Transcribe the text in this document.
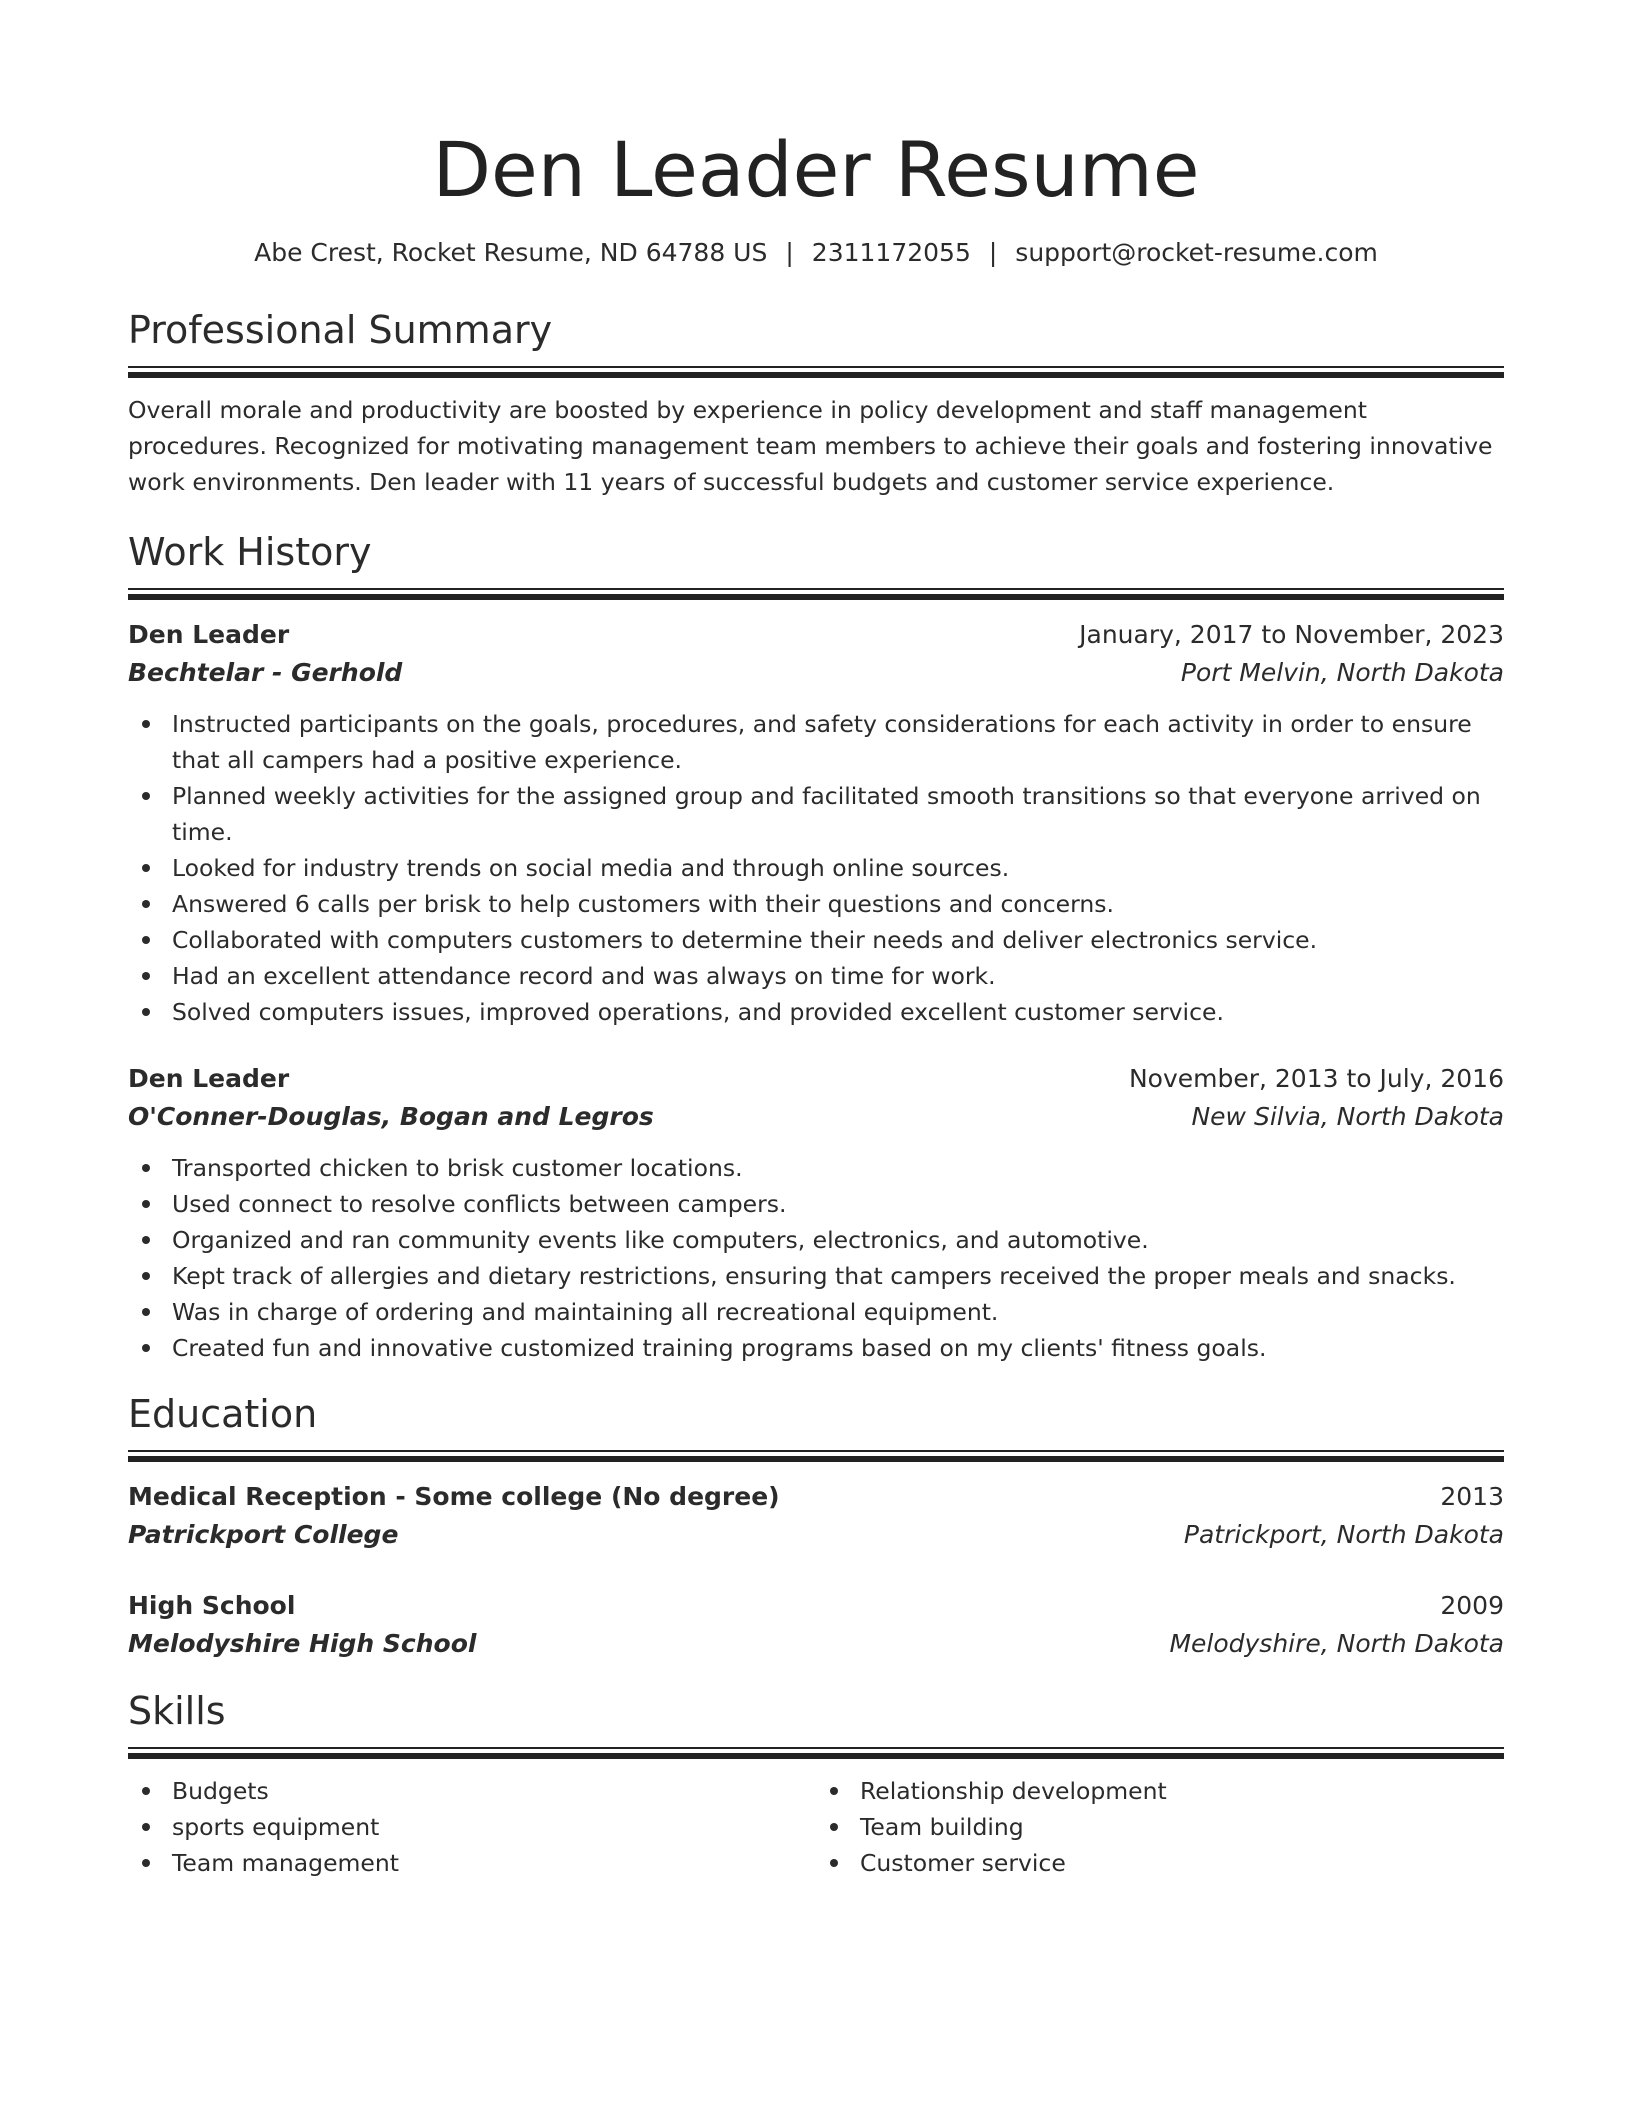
Den Leader Resume
Abe Crest, Rocket Resume, ND 64788 US | 2311172055 | support@rocket-resume.com
Professional Summary

Overall morale and productivity are boosted by experience in policy development and staff management procedures. Recognized for motivating management team members to achieve their goals and fostering innovative work environments. Den leader with 11 years of successful budgets and customer service experience.

Work History
Den Leader	January, 2017 to November, 2023
Bechtelar - Gerhold	Port Melvin, North Dakota
Instructed participants on the goals, procedures, and safety considerations for each activity in order to ensure that all campers had a positive experience.
Planned weekly activities for the assigned group and facilitated smooth transitions so that everyone arrived on time.
Looked for industry trends on social media and through online sources.
Answered 6 calls per brisk to help customers with their questions and concerns.
Collaborated with computers customers to determine their needs and deliver electronics service.
Had an excellent attendance record and was always on time for work.
Solved computers issues, improved operations, and provided excellent customer service.
Den Leader	November, 2013 to July, 2016
O'Conner-Douglas, Bogan and Legros	New Silvia, North Dakota
Transported chicken to brisk customer locations.
Used connect to resolve conflicts between campers.
Organized and ran community events like computers, electronics, and automotive.
Kept track of allergies and dietary restrictions, ensuring that campers received the proper meals and snacks.
Was in charge of ordering and maintaining all recreational equipment.
Created fun and innovative customized training programs based on my clients' fitness goals.
Education
Medical Reception - Some college (No degree)	2013
Patrickport College	Patrickport, North Dakota
High School	2009
Melodyshire High School	Melodyshire, North Dakota
Skills
Budgets
sports equipment
Team management
Relationship development
Team building
Customer service
